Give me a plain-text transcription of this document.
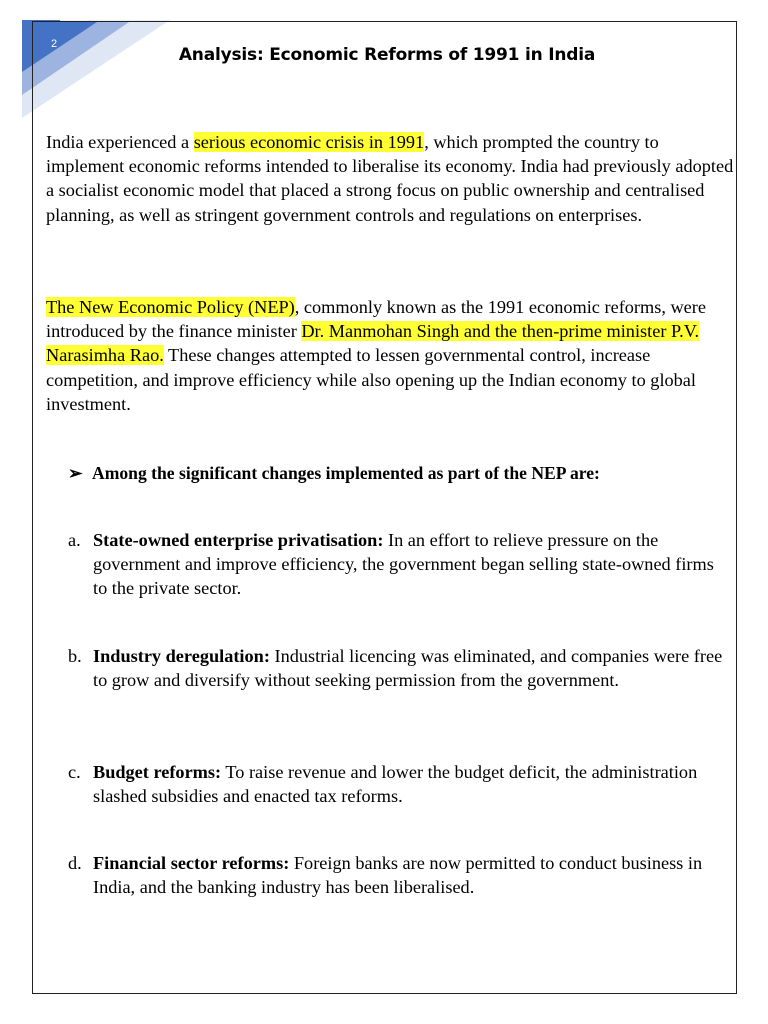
2
Analysis: Economic Reforms of 1991 in India
India experienced a serious economic crisis in 1991, which prompted the country to implement economic reforms intended to liberalise its economy. India had previously adopted a socialist economic model that placed a strong focus on public ownership and centralised planning, as well as stringent government controls and regulations on enterprises.
The New Economic Policy (NEP), commonly known as the 1991 economic reforms, were introduced by the finance minister Dr. Manmohan Singh and the then-prime minister P.V. Narasimha Rao. These changes attempted to lessen governmental control, increase competition, and improve efficiency while also opening up the Indian economy to global investment.
➢ Among the significant changes implemented as part of the NEP are:
a. State-owned enterprise privatisation: In an effort to relieve pressure on the government and improve efficiency, the government began selling state-owned firms to the private sector.
b. Industry deregulation: Industrial licencing was eliminated, and companies were free to grow and diversify without seeking permission from the government.
c. Budget reforms: To raise revenue and lower the budget deficit, the administration slashed subsidies and enacted tax reforms.
d. Financial sector reforms: Foreign banks are now permitted to conduct business in India, and the banking industry has been liberalised.
